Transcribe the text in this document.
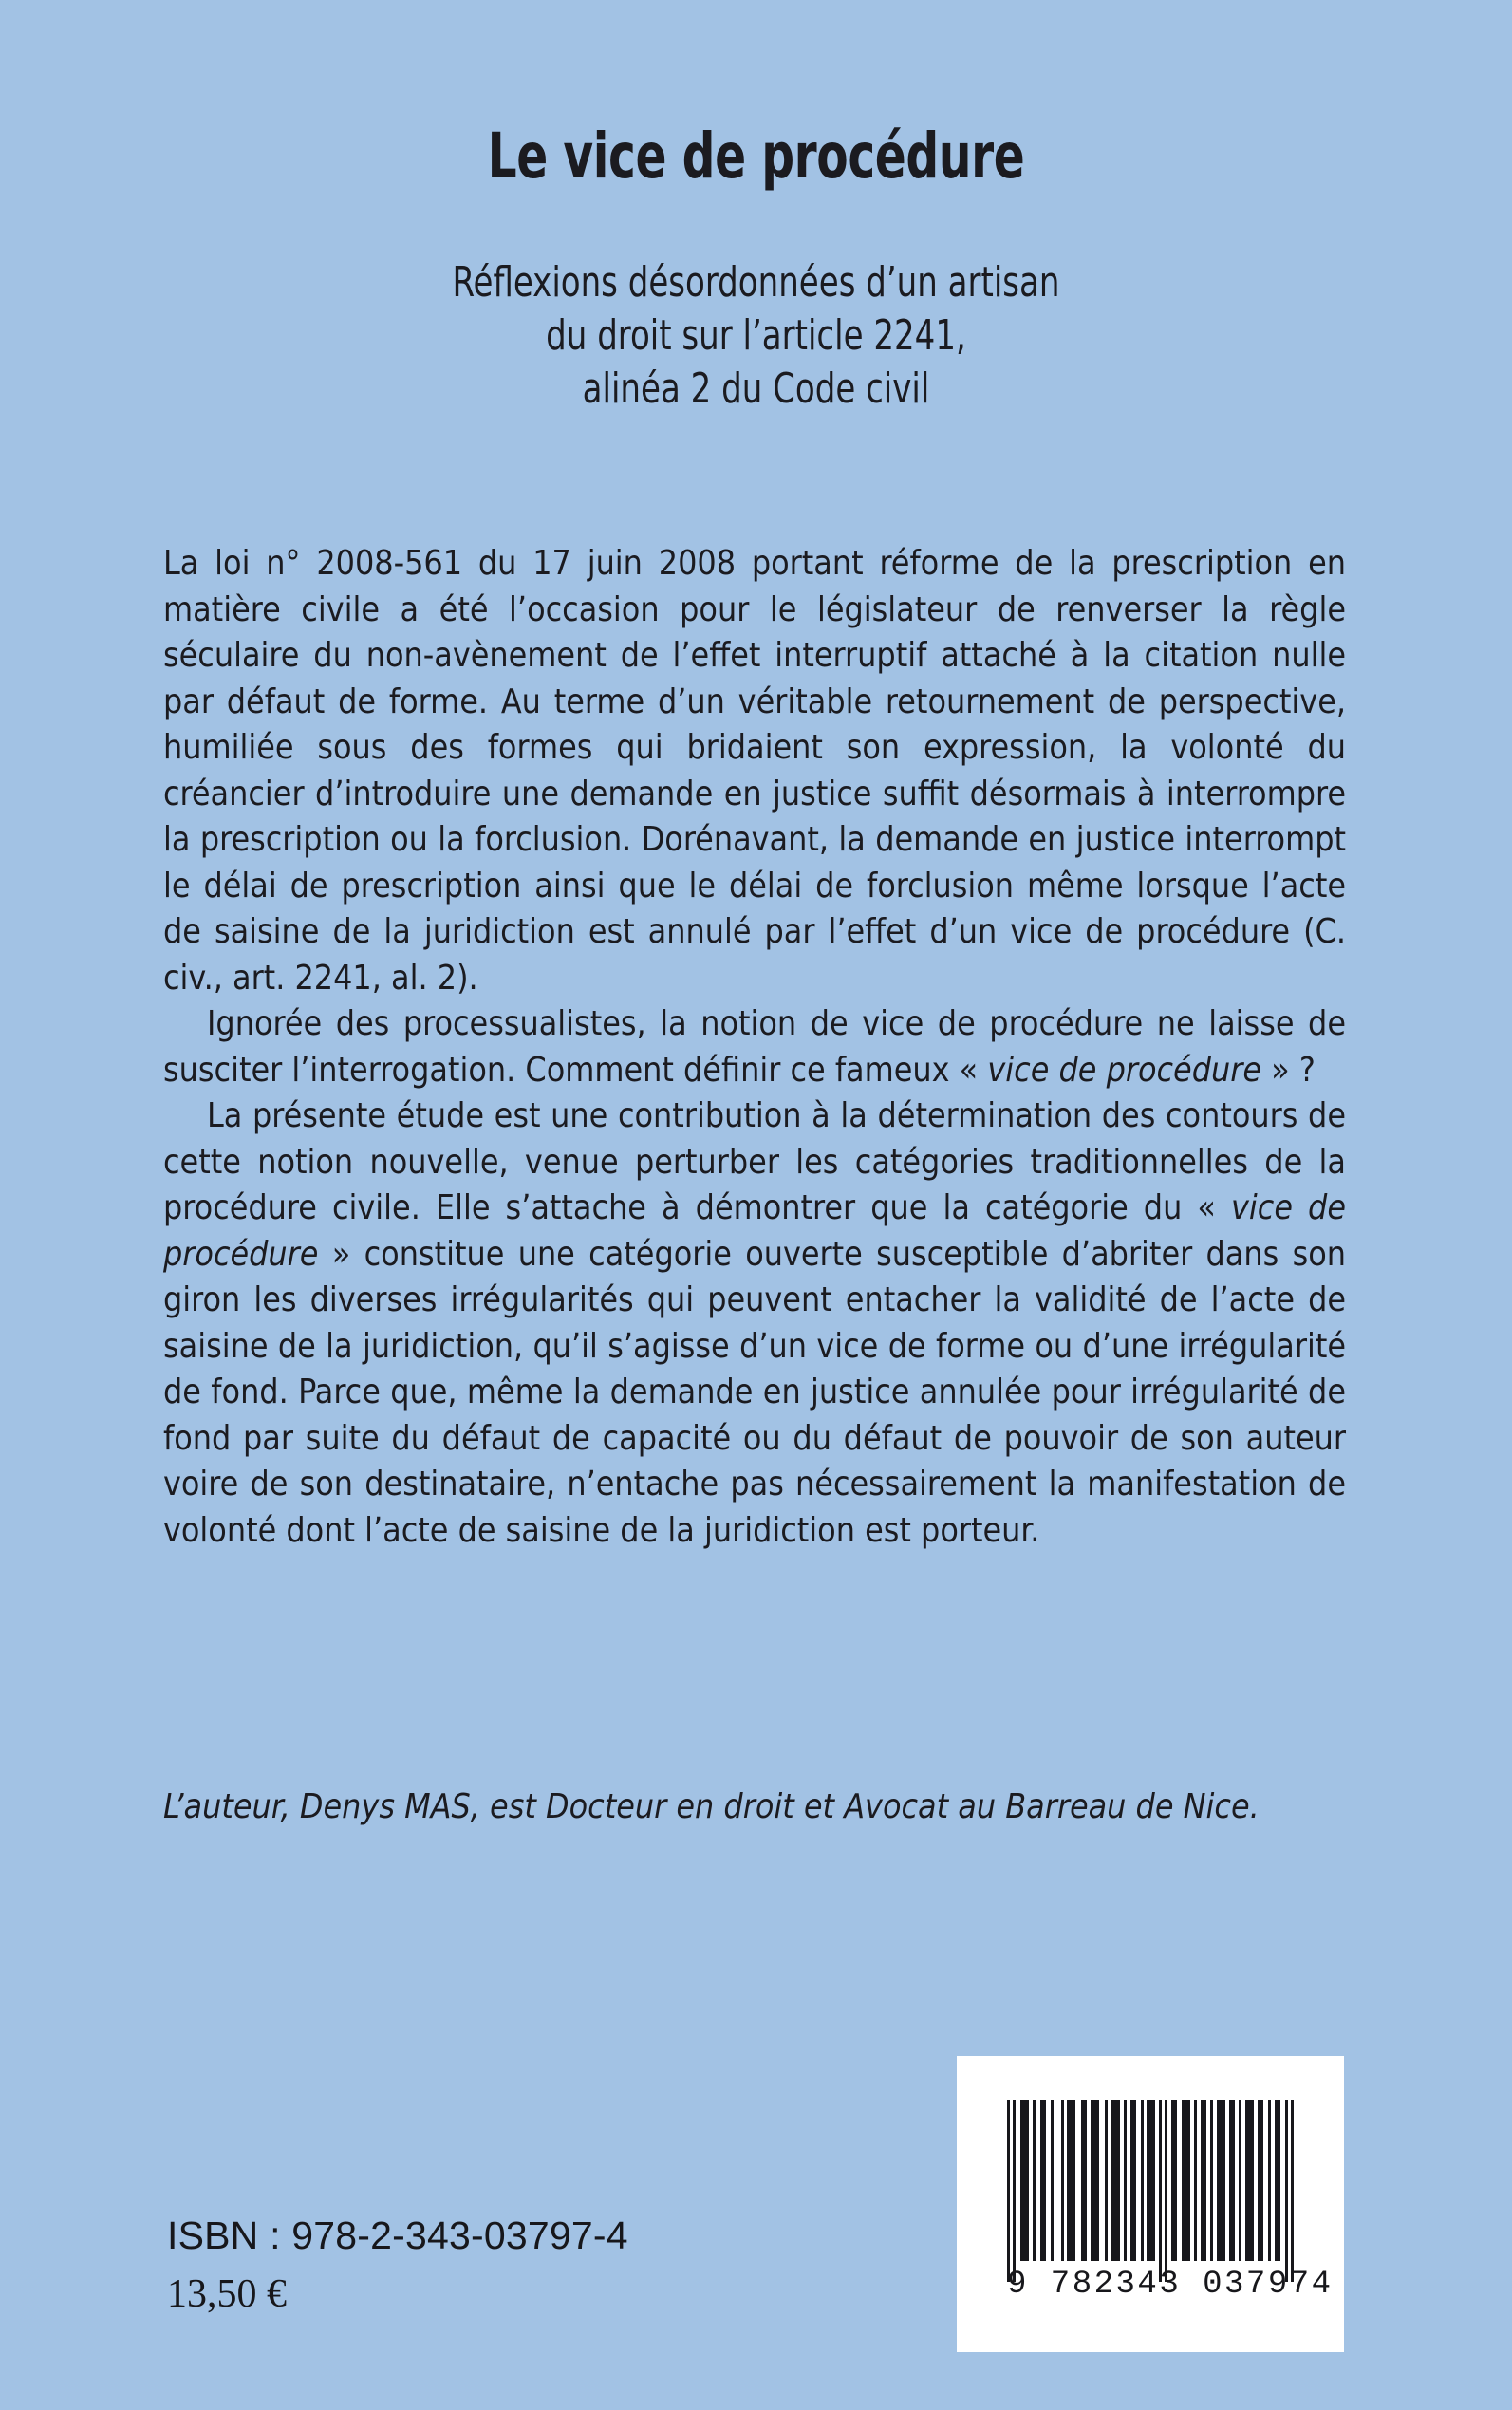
Le vice de procédure
Réflexions désordonnées d’un artisan
du droit sur l’article 2241,
alinéa 2 du Code civil

La loi n° 2008-561 du 17 juin 2008 portant réforme de la prescription en matière civile a été l’occasion pour le législateur de renverser la règle séculaire du non-avènement de l’effet interruptif attaché à la citation nulle par défaut de forme. Au terme d’un véritable retournement de perspective, humiliée sous des formes qui bridaient son expression, la volonté du créancier d’introduire une demande en justice suffit désormais à interrompre la prescription ou la forclusion. Dorénavant, la demande en justice interrompt le délai de prescription ainsi que le délai de forclusion même lorsque l’acte de saisine de la juridiction est annulé par l’effet d’un vice de procédure (C. civ., art. 2241, al. 2).

Ignorée des processualistes, la notion de vice de procédure ne laisse de susciter l’interrogation. Comment définir ce fameux « vice de procédure » ?

La présente étude est une contribution à la détermination des contours de cette notion nouvelle, venue perturber les catégories traditionnelles de la procédure civile. Elle s’attache à démontrer que la catégorie du « vice de procédure » constitue une catégorie ouverte susceptible d’abriter dans son giron les diverses irrégularités qui peuvent entacher la validité de l’acte de saisine de la juridiction, qu’il s’agisse d’un vice de forme ou d’une irrégularité de fond. Parce que, même la demande en justice annulée pour irrégularité de fond par suite du défaut de capacité ou du défaut de pouvoir de son auteur voire de son destinataire, n’entache pas nécessairement la manifestation de volonté dont l’acte de saisine de la juridiction est porteur.

L’auteur, Denys MAS, est Docteur en droit et Avocat au Barreau de Nice.
ISBN : 978-2-343-03797-4
13,50 €	9 782343 037974
